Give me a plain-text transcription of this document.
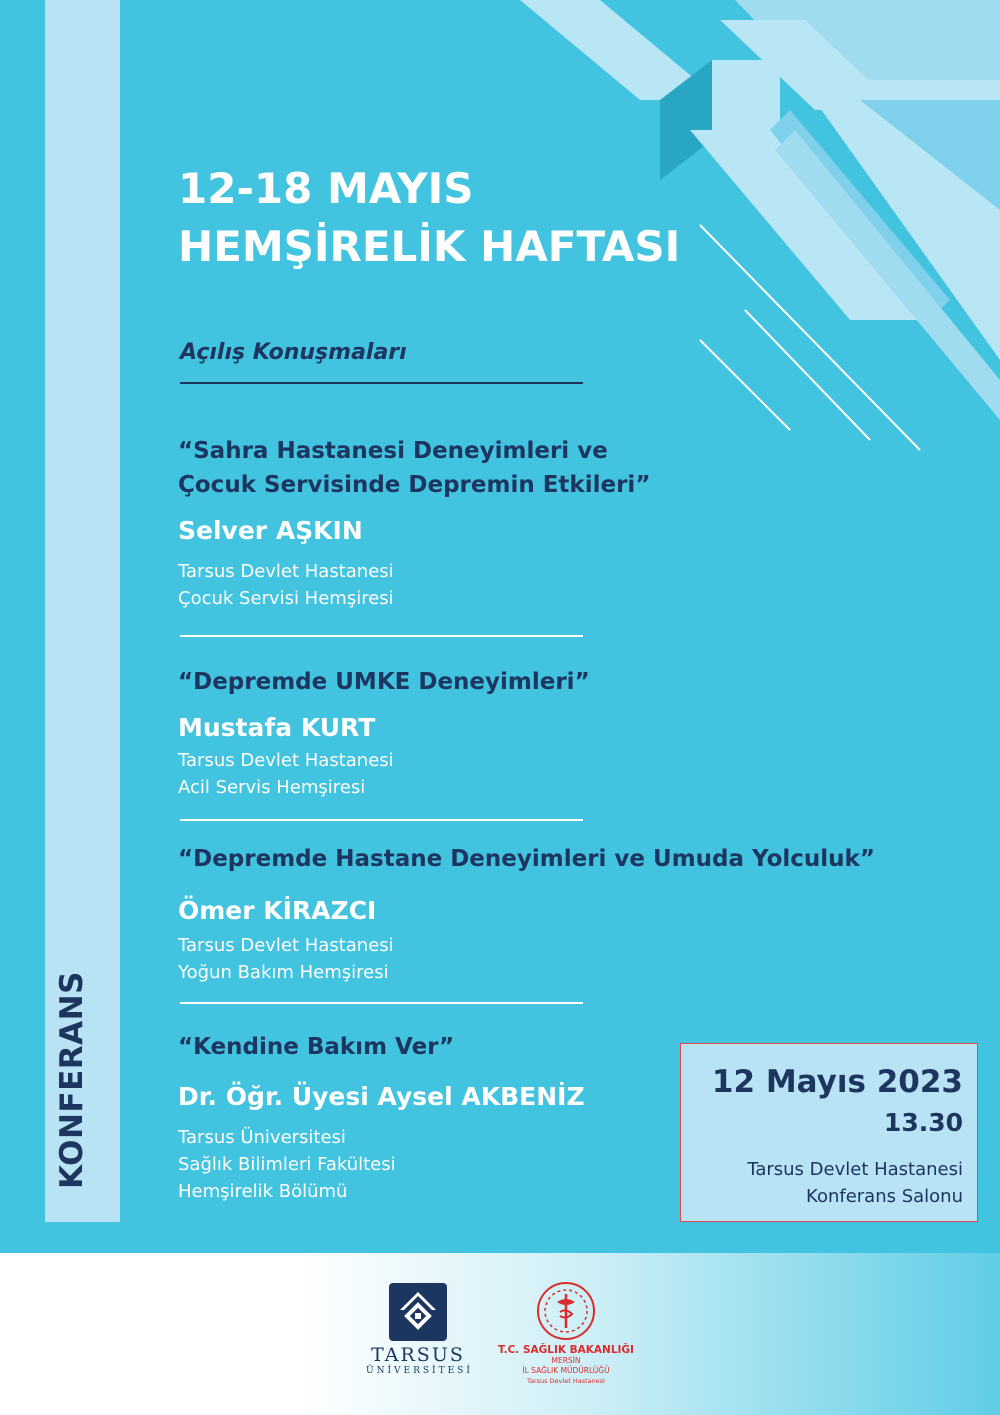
KONFERANS
12-18 MAYIS
HEMŞİRELİK HAFTASI
Açılış Konuşmaları
“Sahra Hastanesi Deneyimleri ve
Çocuk Servisinde Depremin Etkileri”
Selver AŞKIN
Tarsus Devlet Hastanesi
Çocuk Servisi Hemşiresi
“Depremde UMKE Deneyimleri”
Mustafa KURT
Tarsus Devlet Hastanesi
Acil Servis Hemşiresi
“Depremde Hastane Deneyimleri ve Umuda Yolculuk”
Ömer KİRAZCI
Tarsus Devlet Hastanesi
Yoğun Bakım Hemşiresi
“Kendine Bakım Ver”
Dr. Öğr. Üyesi Aysel AKBENİZ
Tarsus Üniversitesi
Sağlık Bilimleri Fakültesi
Hemşirelik Bölümü
12 Mayıs 2023
13.30
Tarsus Devlet Hastanesi
Konferans Salonu
TARSUS
ÜNİVERSİTESİ
T.C. SAĞLIK BAKANLIĞI
MERSİN
İL SAĞLIK MÜDÜRLÜĞÜ
Tarsus Devlet Hastanesi
